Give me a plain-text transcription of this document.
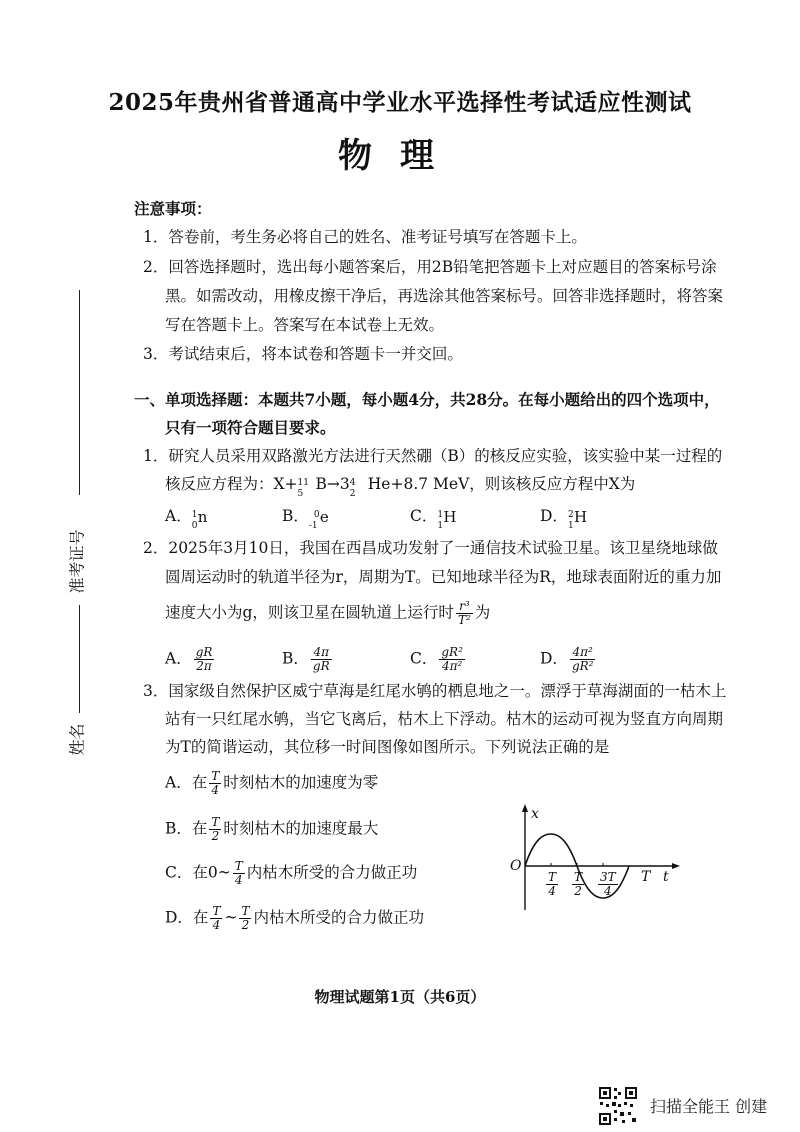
2025年贵州省普通高中学业水平选择性考试适应性测试
物理
准考证号
姓名
注意事项：
1．答卷前，考生务必将自己的姓名、准考证号填写在答题卡上。
2．回答选择题时，选出每小题答案后，用2B铅笔把答题卡上对应题目的答案标号涂
黑。如需改动，用橡皮擦干净后，再选涂其他答案标号。回答非选择题时，将答案
写在答题卡上。答案写在本试卷上无效。
3．考试结束后，将本试卷和答题卡一并交回。
一、单项选择题：本题共7小题，每小题4分，共28分。在每小题给出的四个选项中，
只有一项符合题目要求。
1．研究人员采用双路激光方法进行天然硼（B）的核反应实验，该实验中某一过程的
核反应方程为：X+ 11
5
B→3 4
2
He+8.7 MeV，则该核反应方程中X为
A． 1
0 n	B． 0
-1 e	C． 1
1 H	D． 2
1 H
2．2025年3月10日，我国在西昌成功发射了一通信技术试验卫星。该卫星绕地球做
圆周运动时的轨道半径为r，周期为T。已知地球半径为R，地球表面附近的重力加
速度大小为g，则该卫星在圆轨道上运行时 $\frac{\text{r³}}{\text{T²}}$ 为
A． $\frac{gR}{2\pi}$	B． $\frac{4\pi}{gR}$	C． $\frac{\text{gR²}}{\text{4π²}}$	D． $\frac{\text{4π²}}{\text{gR²}}$
3．国家级自然保护区威宁草海是红尾水鸲的栖息地之一。漂浮于草海湖面的一枯木上
站有一只红尾水鸲，当它飞离后，枯木上下浮动。枯木的运动可视为竖直方向周期
为T的简谐运动，其位移一时间图像如图所示。下列说法正确的是
A．在 $\frac{T}{4}$ 时刻枯木的加速度为零
B．在 $\frac{T}{2}$ 时刻枯木的加速度最大
C．在0~ $\frac{T}{4}$ 内枯木所受的合力做正功
D．在 $\frac{T}{4}$ ~ $\frac{T}{2}$ 内枯木所受的合力做正功
x
O
t
$\frac{T}{4} \frac{T}{2} \frac{3T}{4}$ T
物理试题第1页（共6页）
扫描全能王 创建
